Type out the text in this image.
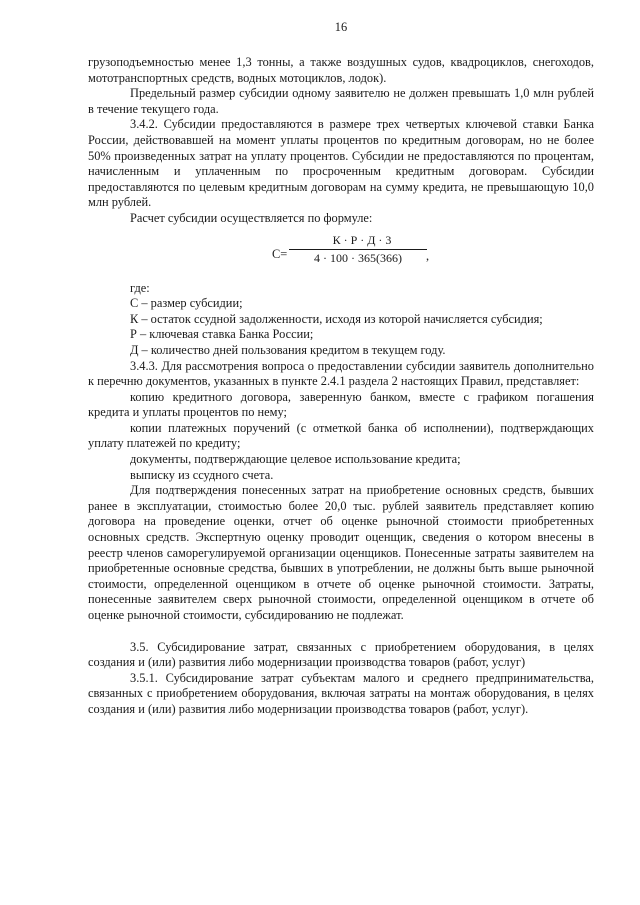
16

грузоподъемностью менее 1,3 тонны, а также воздушных судов, квадроциклов, снегоходов, мототранспортных средств, водных мотоциклов, лодок).

Предельный размер субсидии одному заявителю не должен превышать 1,0 млн рублей в течение текущего года.

3.4.2. Субсидии предоставляются в размере трех четвертых ключевой ставки Банка России, действовавшей на момент уплаты процентов по кредитным договорам, но не более 50% произведенных затрат на уплату процентов. Субсидии не предоставляются по процентам, начисленным и уплаченным по просроченным кредитным договорам. Субсидии предоставляются по целевым кредитным договорам на сумму кредита, не превышающую 10,0 млн рублей.

Расчет субсидии осуществляется по формуле:

С=
К · Р · Д · 3
4 · 100 · 365(366)	,

где:

С – размер субсидии;

К – остаток ссудной задолженности, исходя из которой начисляется субсидия;

Р – ключевая ставка Банка России;

Д – количество дней пользования кредитом в текущем году.

3.4.3. Для рассмотрения вопроса о предоставлении субсидии заявитель дополнительно к перечню документов, указанных в пункте 2.4.1 раздела 2 настоящих Правил, представляет:

копию кредитного договора, заверенную банком, вместе с графиком погашения кредита и уплаты процентов по нему;

копии платежных поручений (с отметкой банка об исполнении), подтверждающих уплату платежей по кредиту;

документы, подтверждающие целевое использование кредита;

выписку из ссудного счета.

Для подтверждения понесенных затрат на приобретение основных средств, бывших ранее в эксплуатации, стоимостью более 20,0 тыс. рублей заявитель представляет копию договора на проведение оценки, отчет об оценке рыночной стоимости приобретенных основных средств. Экспертную оценку проводит оценщик, сведения о котором внесены в реестр членов саморегулируемой организации оценщиков. Понесенные затраты заявителем на приобретенные основные средства, бывших в употреблении, не должны быть выше рыночной стоимости, определенной оценщиком в отчете об оценке рыночной стоимости. Затраты, понесенные заявителем сверх рыночной стоимости, определенной оценщиком в отчете об оценке рыночной стоимости, субсидированию не подлежат.

3.5. Субсидирование затрат, связанных с приобретением оборудования, в целях создания и (или) развития либо модернизации производства товаров (работ, услуг)

3.5.1. Субсидирование затрат субъектам малого и среднего предпринимательства, связанных с приобретением оборудования, включая затраты на монтаж оборудования, в целях создания и (или) развития либо модернизации производства товаров (работ, услуг).
